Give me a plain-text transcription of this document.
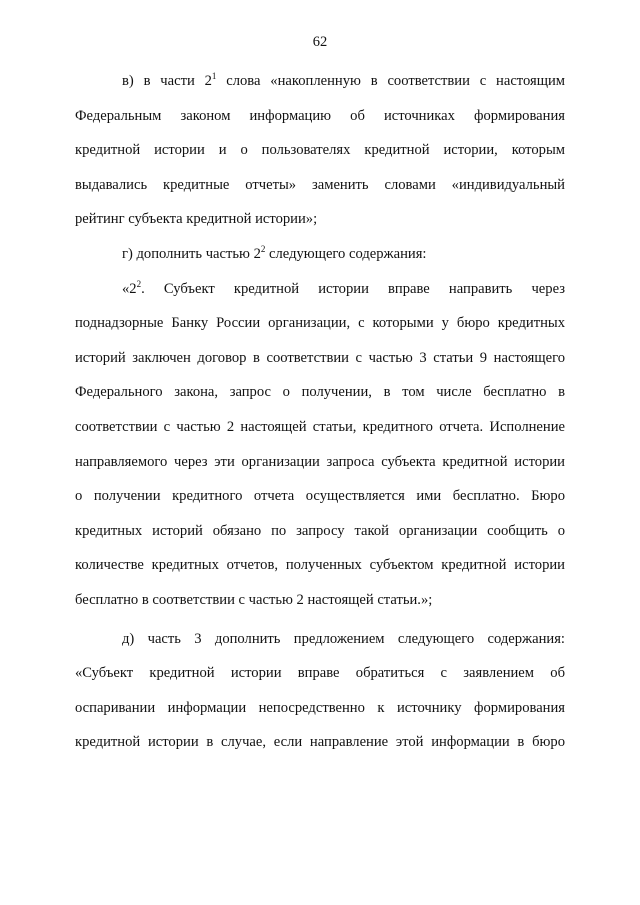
62
в) в части $2^1$ слова «накопленную в соответствии с настоящим
Федеральным законом информацию об источниках формирования
кредитной истории и о пользователях кредитной истории, которым
выдавались кредитные отчеты» заменить словами «индивидуальный
рейтинг субъекта кредитной истории»;
г) дополнить частью $2^2$ следующего содержания:
«$2^2$. Субъект кредитной истории вправе направить через
поднадзорные Банку России организации, с которыми у бюро кредитных
историй заключен договор в соответствии с частью 3 статьи 9 настоящего
Федерального закона, запрос о получении, в том числе бесплатно в
соответствии с частью 2 настоящей статьи, кредитного отчета. Исполнение
направляемого через эти организации запроса субъекта кредитной истории
о получении кредитного отчета осуществляется ими бесплатно. Бюро
кредитных историй обязано по запросу такой организации сообщить о
количестве кредитных отчетов, полученных субъектом кредитной истории
бесплатно в соответствии с частью 2 настоящей статьи.»;
д) часть 3 дополнить предложением следующего содержания:
«Субъект кредитной истории вправе обратиться с заявлением об
оспаривании информации непосредственно к источнику формирования
кредитной истории в случае, если направление этой информации в бюро
